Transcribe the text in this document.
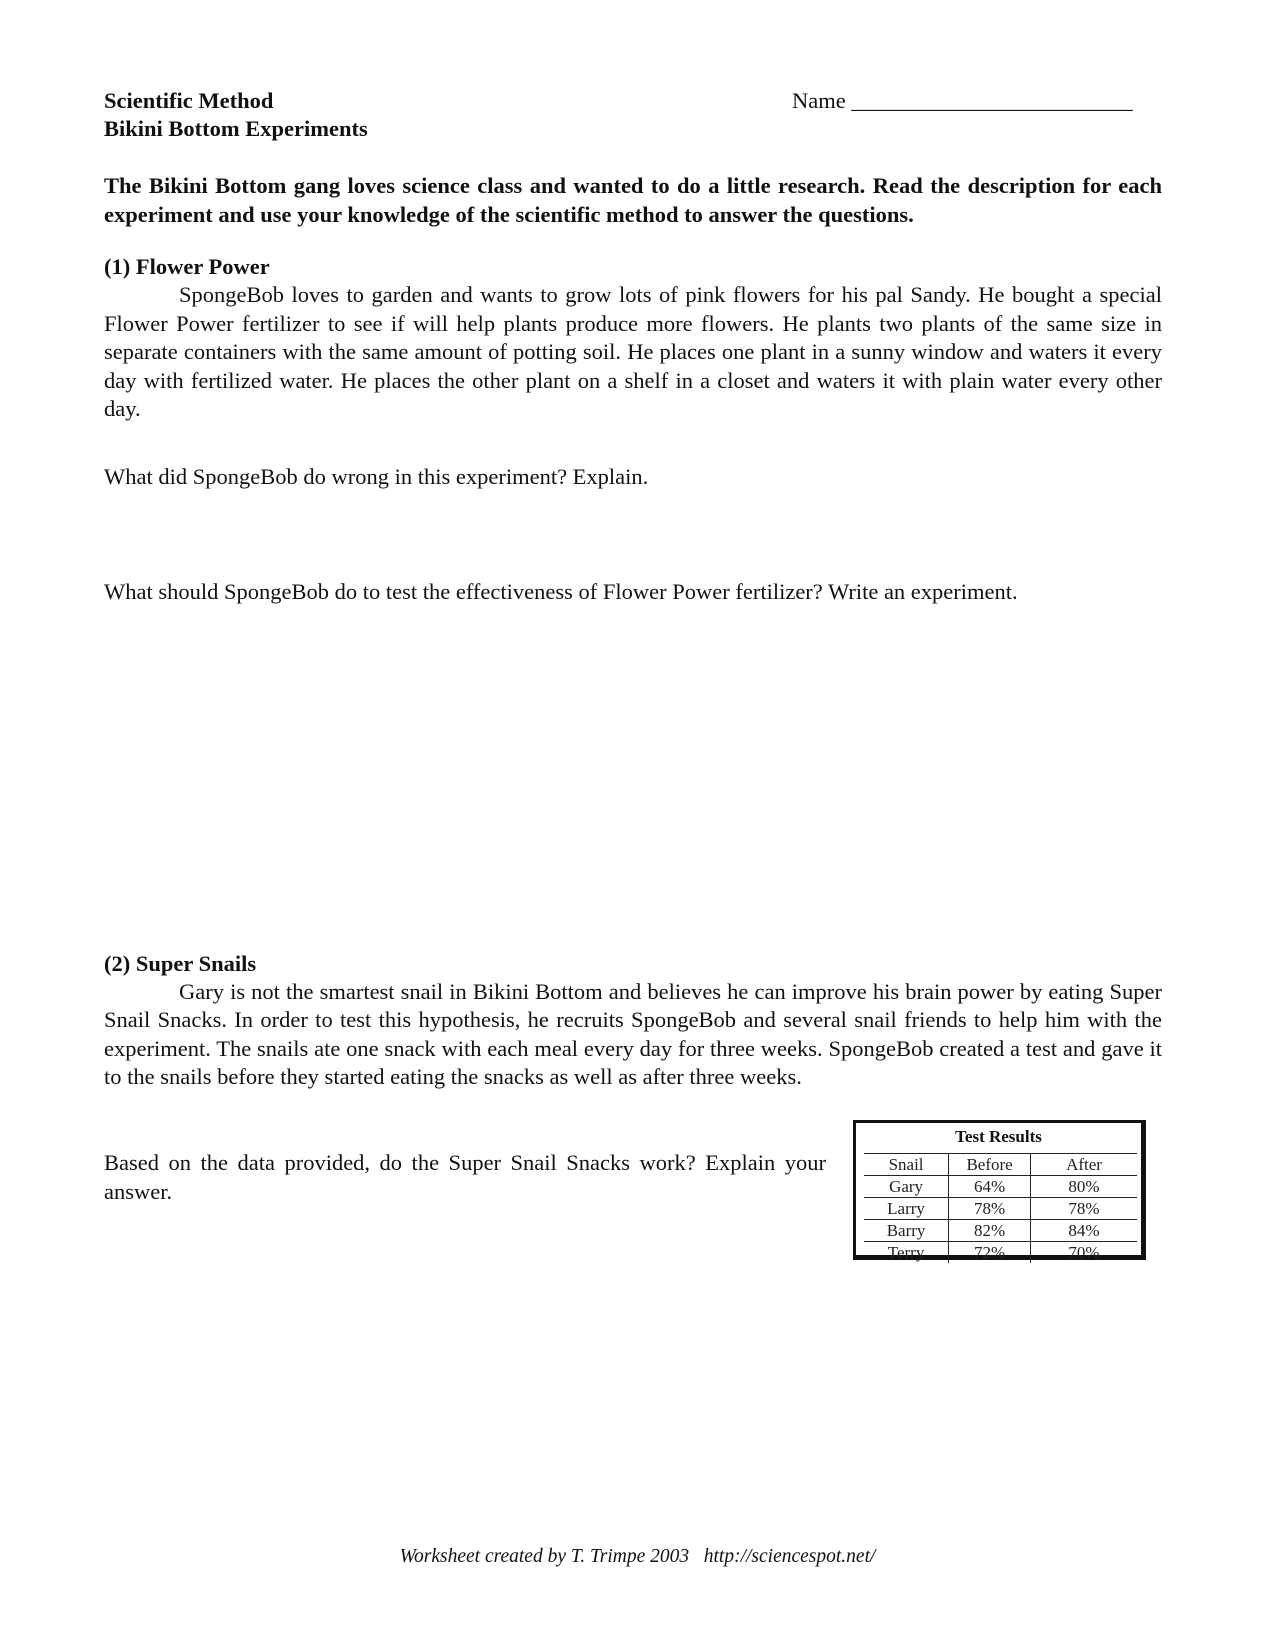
Scientific Method
Bikini Bottom Experiments
Name _________________________
The Bikini Bottom gang loves science class and wanted to do a little research. Read the description for each experiment and use your knowledge of the scientific method to answer the questions.
(1) Flower Power
SpongeBob loves to garden and wants to grow lots of pink flowers for his pal Sandy. He bought a special Flower Power fertilizer to see if will help plants produce more flowers. He plants two plants of the same size in separate containers with the same amount of potting soil. He places one plant in a sunny window and waters it every day with fertilized water. He places the other plant on a shelf in a closet and waters it with plain water every other day.
What did SpongeBob do wrong in this experiment? Explain.
What should SpongeBob do to test the effectiveness of Flower Power fertilizer? Write an experiment.
(2) Super Snails
Gary is not the smartest snail in Bikini Bottom and believes he can improve his brain power by eating Super Snail Snacks. In order to test this hypothesis, he recruits SpongeBob and several snail friends to help him with the experiment. The snails ate one snack with each meal every day for three weeks. SpongeBob created a test and gave it to the snails before they started eating the snacks as well as after three weeks.
Based on the data provided, do the Super Snail Snacks work? Explain your answer.
Test Results
Snail	Before	After
Gary	64%	80%
Larry	78%	78%
Barry	82%	84%
Terry	72%	70%
Worksheet created by T. Trimpe 2003   http://sciencespot.net/
